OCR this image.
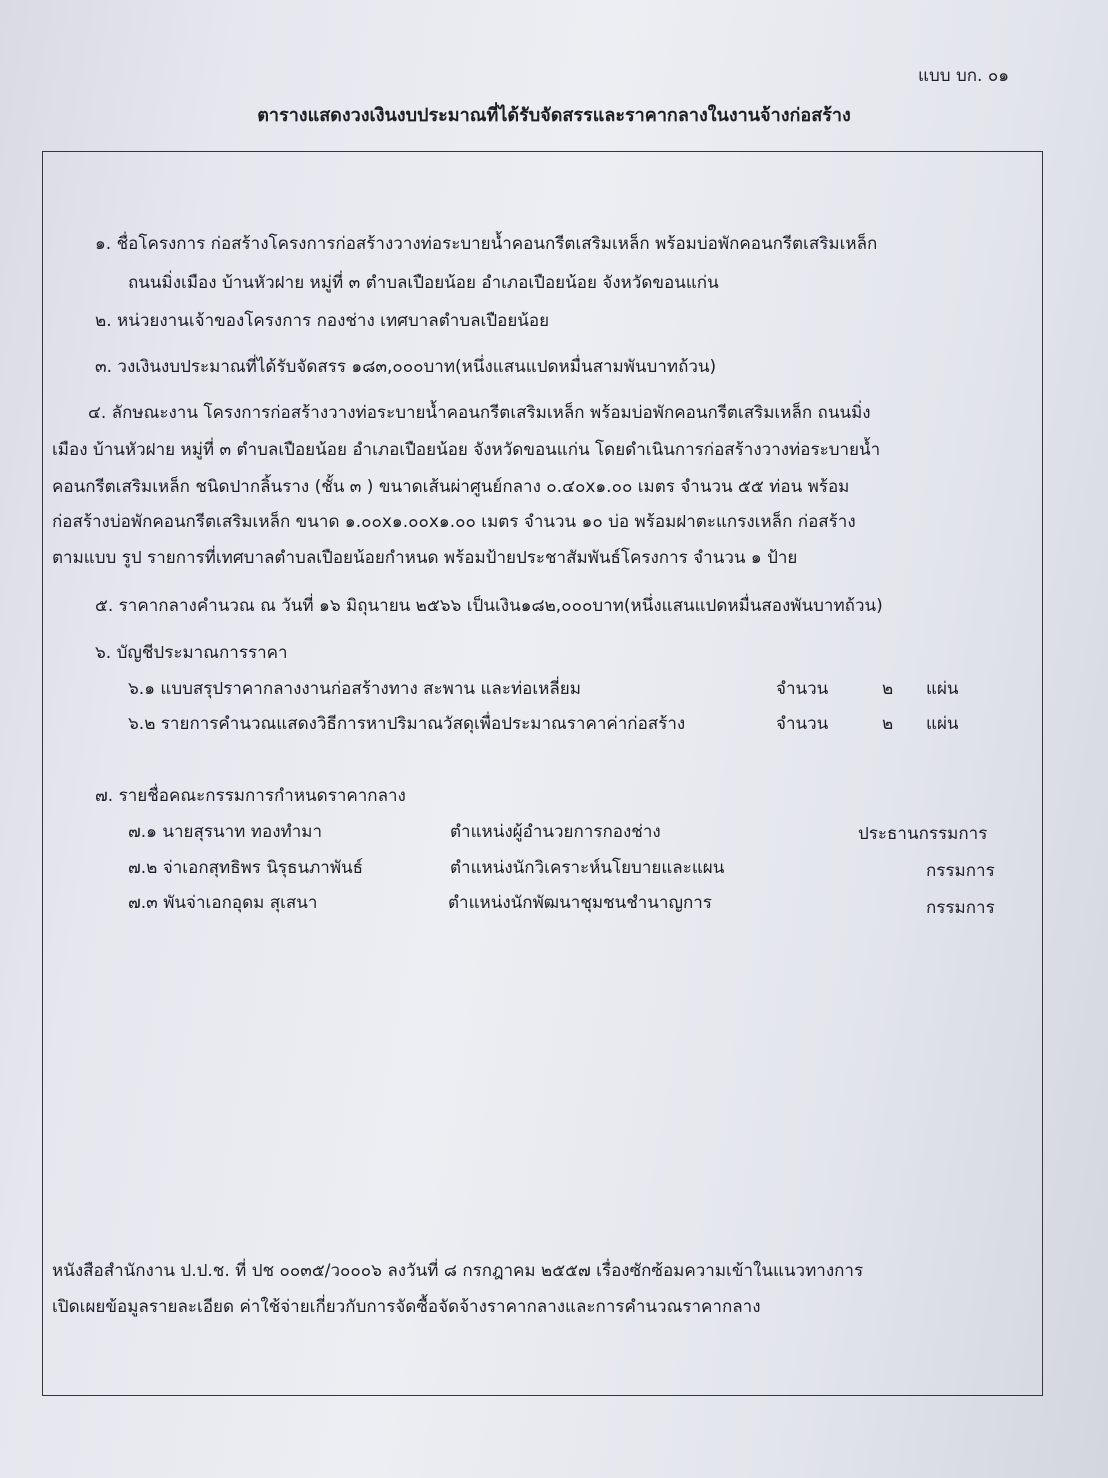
แบบ บก. ๐๑
ตารางแสดงวงเงินงบประมาณที่ได้รับจัดสรรและราคากลางในงานจ้างก่อสร้าง
๑. ชื่อโครงการ ก่อสร้างโครงการก่อสร้างวางท่อระบายน้ำคอนกรีตเสริมเหล็ก พร้อมบ่อพักคอนกรีตเสริมเหล็ก
ถนนมิ่งเมือง บ้านหัวฝาย หมู่ที่ ๓ ตำบลเปือยน้อย อำเภอเปือยน้อย จังหวัดขอนแก่น
๒. หน่วยงานเจ้าของโครงการ กองช่าง เทศบาลตำบลเปือยน้อย
๓. วงเงินงบประมาณที่ได้รับจัดสรร ๑๘๓,๐๐๐บาท(หนึ่งแสนแปดหมื่นสามพันบาทถ้วน)
๔. ลักษณะงาน โครงการก่อสร้างวางท่อระบายน้ำคอนกรีตเสริมเหล็ก พร้อมบ่อพักคอนกรีตเสริมเหล็ก ถนนมิ่ง
เมือง บ้านหัวฝาย หมู่ที่ ๓ ตำบลเปือยน้อย อำเภอเปือยน้อย จังหวัดขอนแก่น โดยดำเนินการก่อสร้างวางท่อระบายน้ำ
คอนกรีตเสริมเหล็ก ชนิดปากลิ้นราง (ชั้น ๓ ) ขนาดเส้นผ่าศูนย์กลาง ๐.๔๐x๑.๐๐ เมตร จำนวน ๕๕ ท่อน พร้อม
ก่อสร้างบ่อพักคอนกรีตเสริมเหล็ก ขนาด ๑.๐๐x๑.๐๐x๑.๐๐ เมตร จำนวน ๑๐ บ่อ พร้อมฝาตะแกรงเหล็ก ก่อสร้าง
ตามแบบ รูป รายการที่เทศบาลตำบลเปือยน้อยกำหนด พร้อมป้ายประชาสัมพันธ์โครงการ จำนวน ๑ ป้าย
๕. ราคากลางคำนวณ ณ วันที่ ๑๖ มิถุนายน ๒๕๖๖ เป็นเงิน๑๘๒,๐๐๐บาท(หนึ่งแสนแปดหมื่นสองพันบาทถ้วน)
๖. บัญชีประมาณการราคา
๖.๑ แบบสรุปราคากลางงานก่อสร้างทาง สะพาน และท่อเหลี่ยม	จำนวน	๒ แผ่น
๖.๒ รายการคำนวณแสดงวิธีการหาปริมาณวัสดุเพื่อประมาณราคาค่าก่อสร้าง	จำนวน	๒ แผ่น
๗. รายชื่อคณะกรรมการกำหนดราคากลาง
๗.๑ นายสุรนาท ทองทำมา	ตำแหน่งผู้อำนวยการกองช่าง	ประธานกรรมการ
๗.๒ จ่าเอกสุทธิพร นิรุธนภาพันธ์	ตำแหน่งนักวิเคราะห์นโยบายและแผน	กรรมการ
๗.๓ พันจ่าเอกอุดม สุเสนา	ตำแหน่งนักพัฒนาชุมชนชำนาญการ	กรรมการ
หนังสือสำนักงาน ป.ป.ช. ที่ ปช ๐๐๓๕/ว๐๐๐๖ ลงวันที่ ๘ กรกฎาคม ๒๕๕๗ เรื่องซักซ้อมความเข้าในแนวทางการ
เปิดเผยข้อมูลรายละเอียด ค่าใช้จ่ายเกี่ยวกับการจัดซื้อจัดจ้างราคากลางและการคำนวณราคากลาง
